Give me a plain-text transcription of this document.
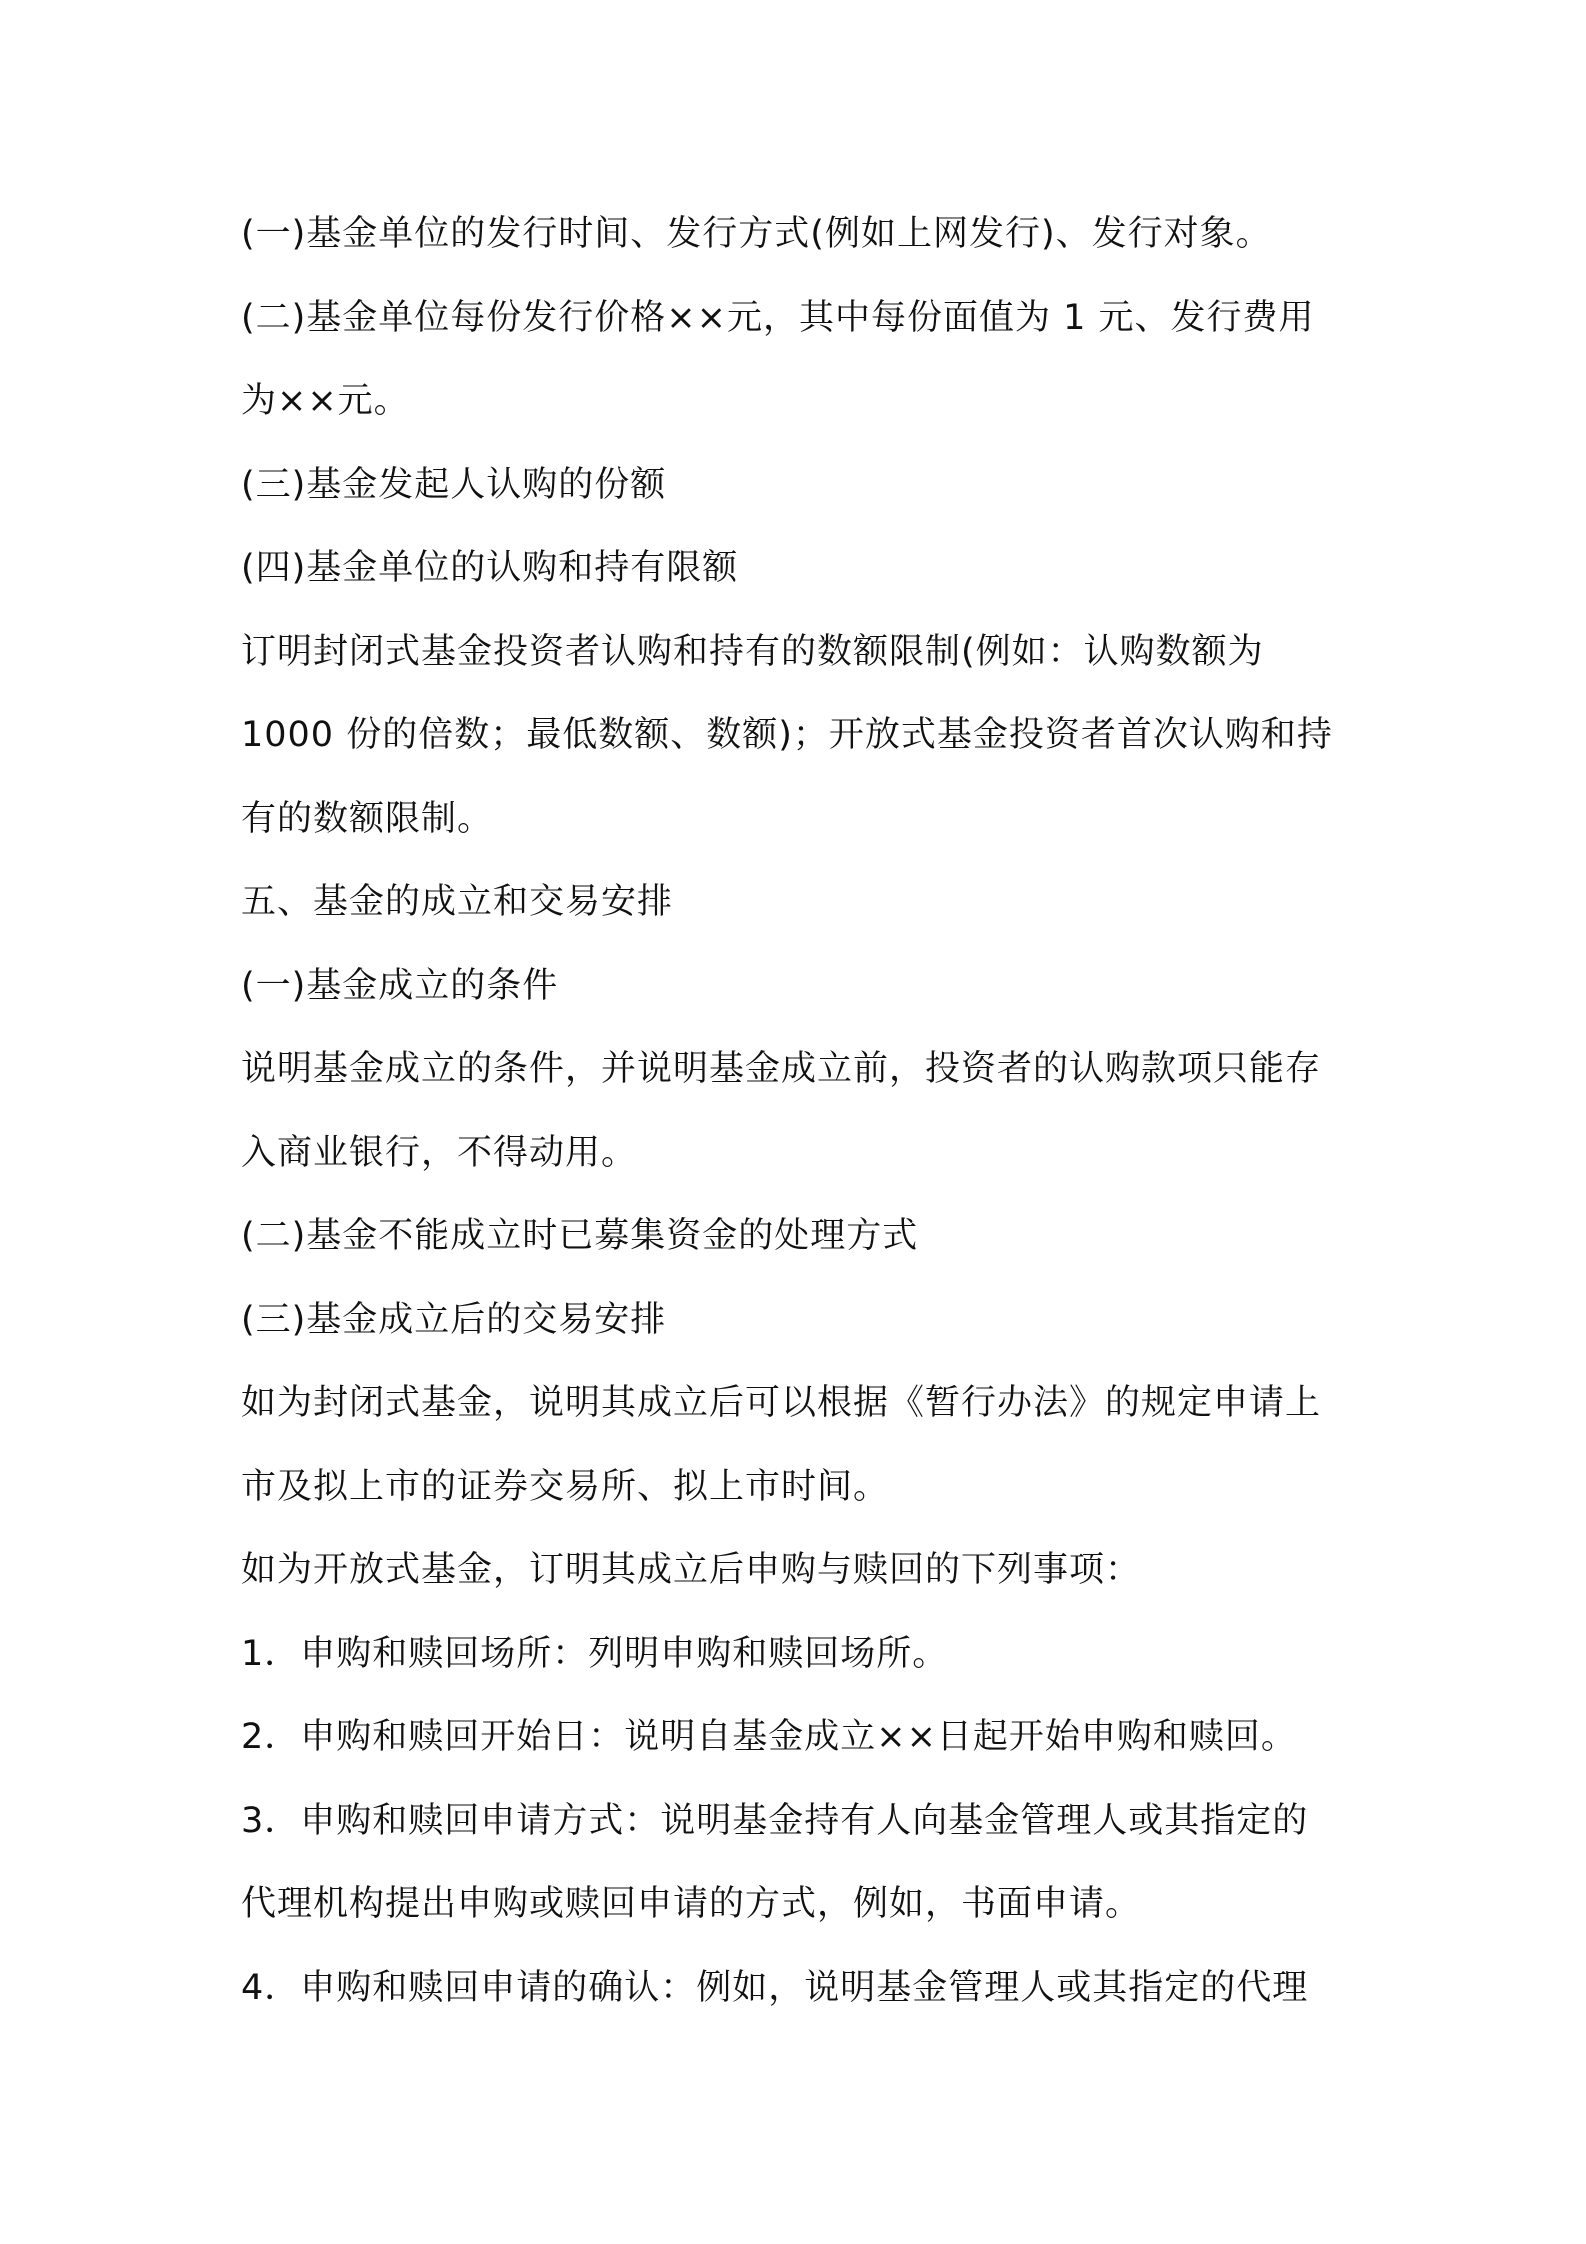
(一)基金单位的发行时间、发行方式(例如上网发行)、发行对象。
(二)基金单位每份发行价格××元，其中每份面值为 1 元、发行费用
为××元。
(三)基金发起人认购的份额
(四)基金单位的认购和持有限额
订明封闭式基金投资者认购和持有的数额限制(例如：认购数额为
1000 份的倍数；最低数额、数额)；开放式基金投资者首次认购和持
有的数额限制。
五、基金的成立和交易安排
(一)基金成立的条件
说明基金成立的条件，并说明基金成立前，投资者的认购款项只能存
入商业银行，不得动用。
(二)基金不能成立时已募集资金的处理方式
(三)基金成立后的交易安排
如为封闭式基金，说明其成立后可以根据《暂行办法》的规定申请上
市及拟上市的证券交易所、拟上市时间。
如为开放式基金，订明其成立后申购与赎回的下列事项：
1．申购和赎回场所：列明申购和赎回场所。
2．申购和赎回开始日：说明自基金成立××日起开始申购和赎回。
3．申购和赎回申请方式：说明基金持有人向基金管理人或其指定的
代理机构提出申购或赎回申请的方式，例如，书面申请。
4．申购和赎回申请的确认：例如，说明基金管理人或其指定的代理
